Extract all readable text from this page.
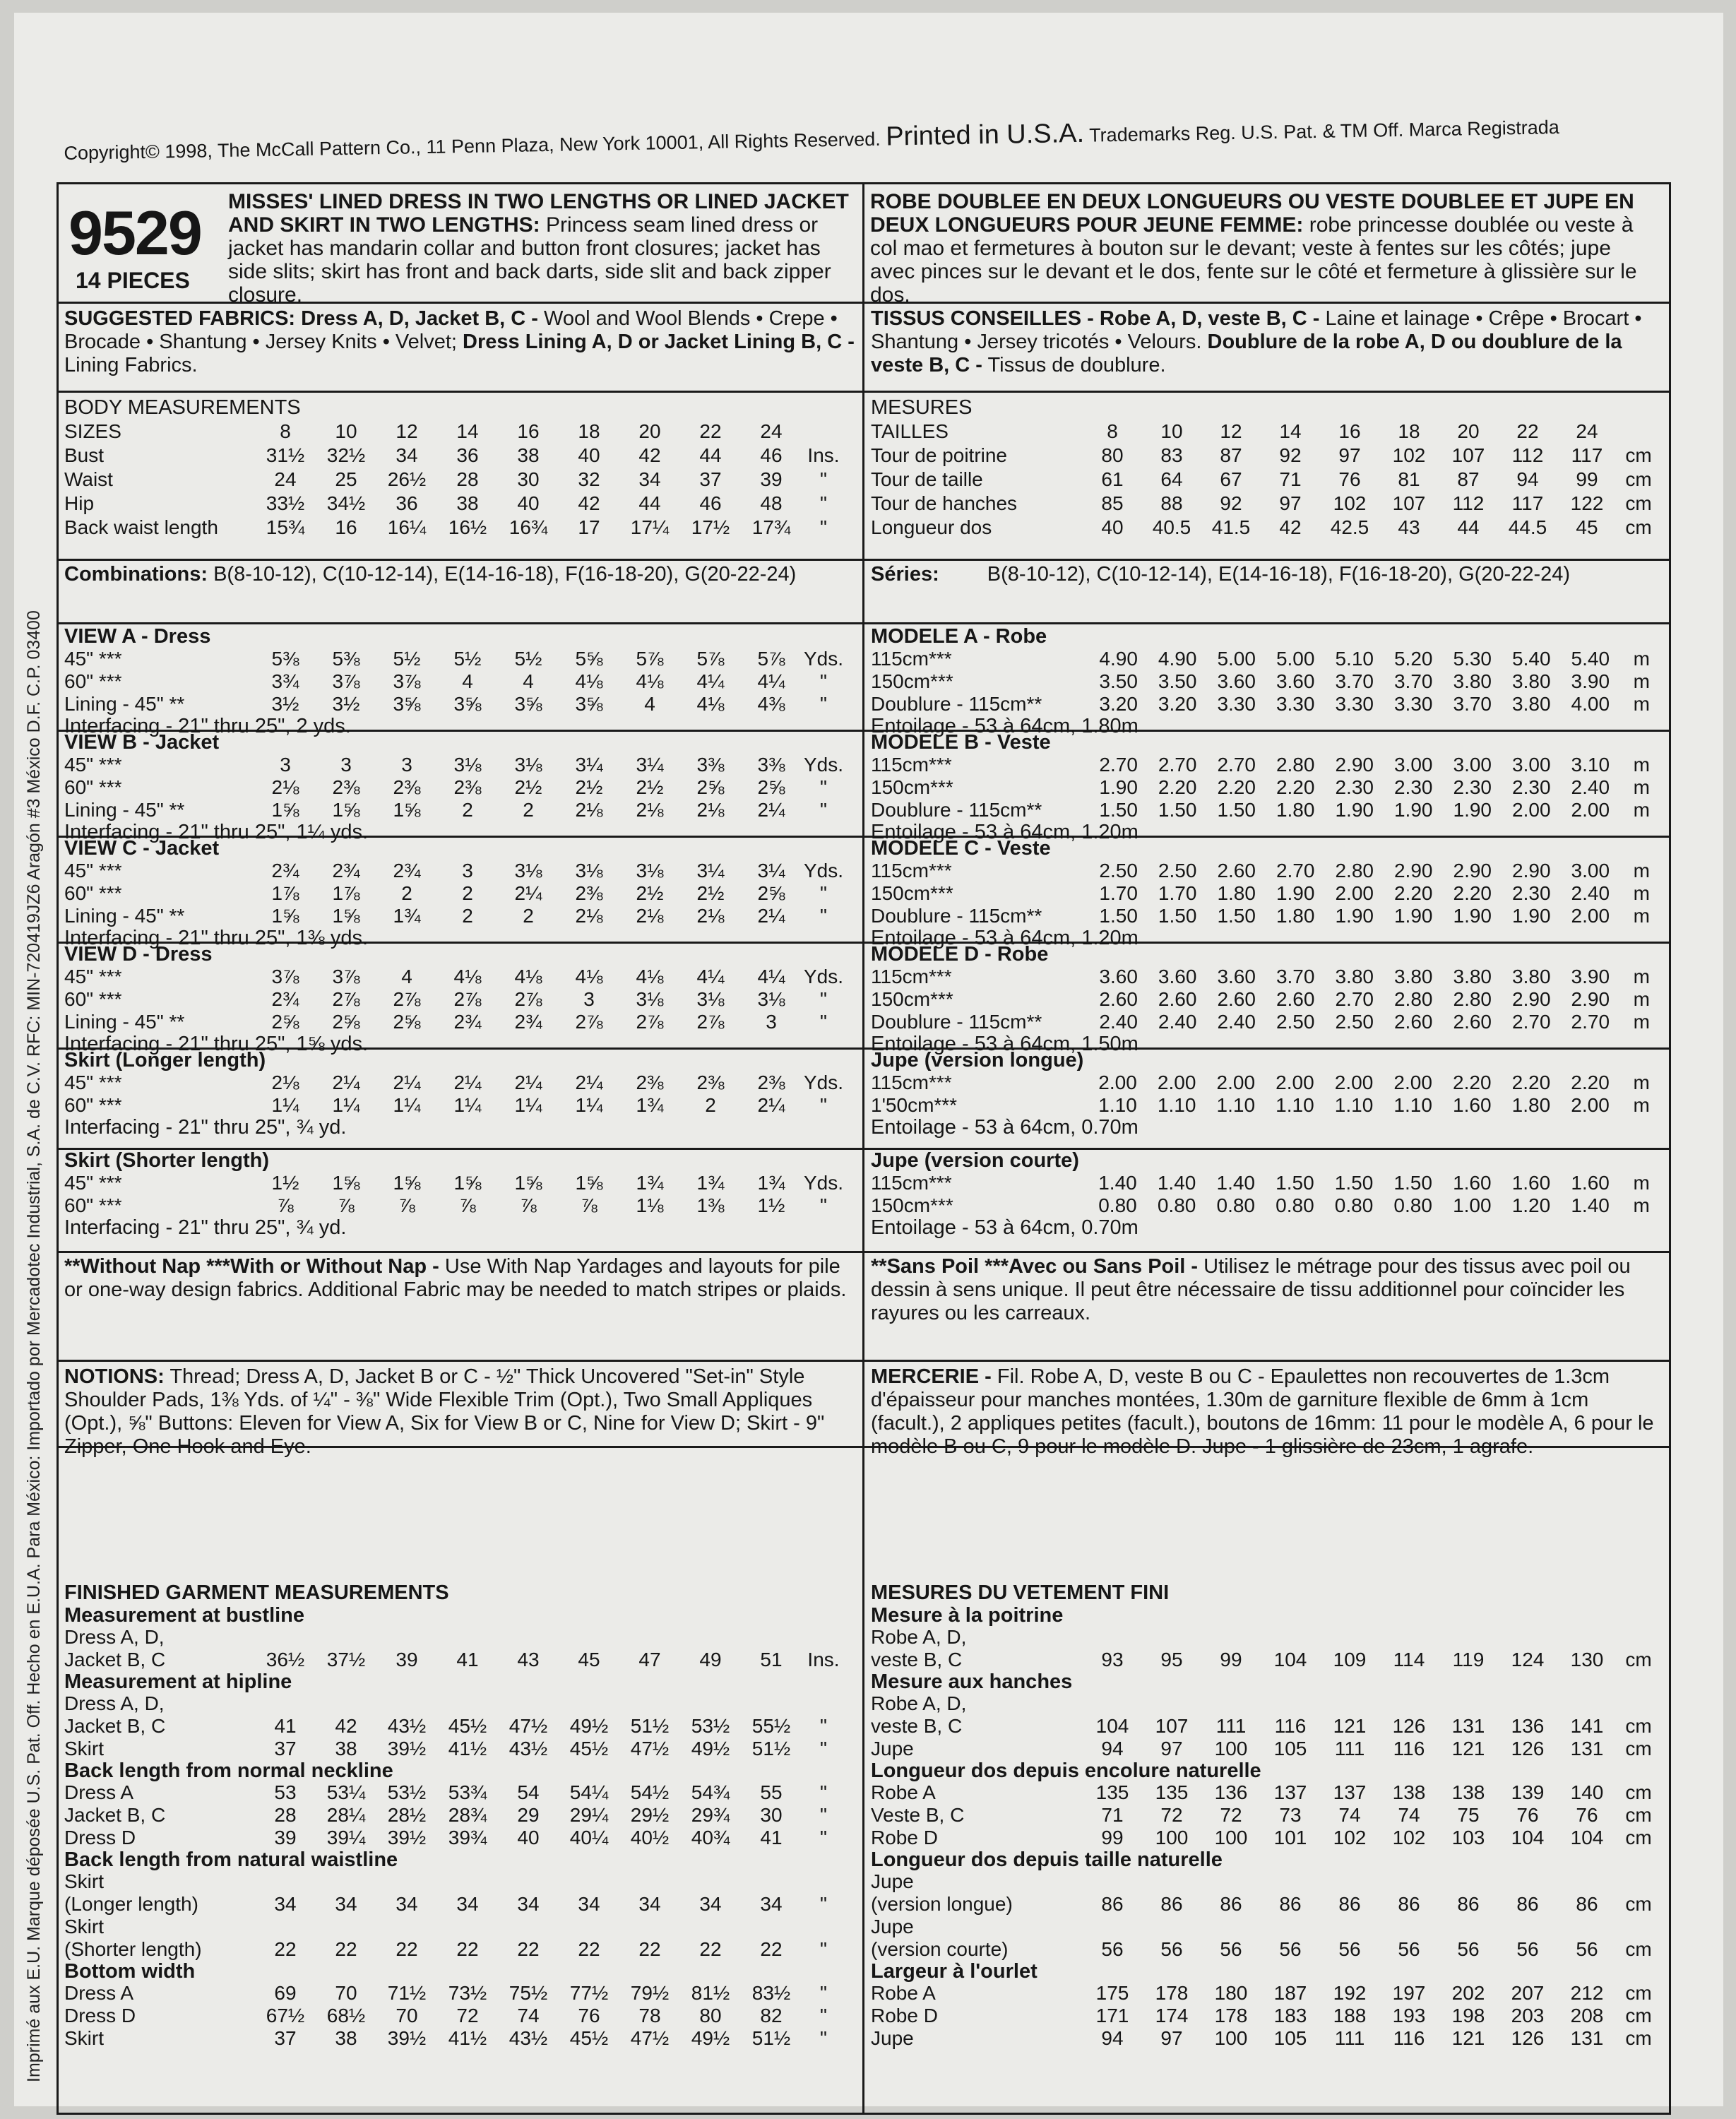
Imprimé aux E.U. Marque déposée U.S. Pat. Off. Hecho en E.U.A. Para México: Importado por Mercadotec Industrial, S.A. de C.V. RFC: MIN-720419JZ6 Aragón #3 México D.F. C.P. 03400
Copyright© 1998, The McCall Pattern Co., 11 Penn Plaza, New York 10001, All Rights Reserved. Printed in U.S.A. Trademarks Reg. U.S. Pat. & TM Off. Marca Registrada
9529
14 PIECES
MISSES' LINED DRESS IN TWO LENGTHS OR LINED JACKET AND SKIRT IN TWO LENGTHS: Princess seam lined dress or jacket has mandarin collar and button front closures; jacket has side slits; skirt has front and back darts, side slit and back zipper closure.
ROBE DOUBLEE EN DEUX LONGUEURS OU VESTE DOUBLEE ET JUPE EN DEUX LONGUEURS POUR JEUNE FEMME: robe princesse doublée ou veste à col mao et fermetures à bouton sur le devant; veste à fentes sur les côtés; jupe avec pinces sur le devant et le dos, fente sur le côté et fermeture à glissière sur le dos.
SUGGESTED FABRICS: Dress A, D, Jacket B, C - Wool and Wool Blends • Crepe • Brocade • Shantung • Jersey Knits • Velvet; Dress Lining A, D or Jacket Lining B, C - Lining Fabrics.
TISSUS CONSEILLES - Robe A, D, veste B, C - Laine et lainage • Crêpe • Brocart • Shantung • Jersey tricotés • Velours. Doublure de la robe A, D ou doublure de la veste B, C - Tissus de doublure.
BODY MEASUREMENTS
SIZES	8	10	12	14	16	18	20	22	24	
Bust	31½	32½	34	36	38	40	42	44	46	Ins.
Waist	24	25	26½	28	30	32	34	37	39	"
Hip	33½	34½	36	38	40	42	44	46	48	"
Back waist length	15¾	16	16¼	16½	16¾	17	17¼	17½	17¾	"
MESURES
TAILLES	8	10	12	14	16	18	20	22	24	
Tour de poitrine	80	83	87	92	97	102	107	112	117	cm
Tour de taille	61	64	67	71	76	81	87	94	99	cm
Tour de hanches	85	88	92	97	102	107	112	117	122	cm
Longueur dos	40	40.5	41.5	42	42.5	43	44	44.5	45	cm
Combinations: B(8-10-12), C(10-12-14), E(14-16-18), F(16-18-20), G(20-22-24)	Séries: B(8-10-12), C(10-12-14), E(14-16-18), F(16-18-20), G(20-22-24)
VIEW A - Dress
45" ***	5⅜	5⅜	5½	5½	5½	5⅝	5⅞	5⅞	5⅞	Yds.
60" ***	3¾	3⅞	3⅞	4	4	4⅛	4⅛	4¼	4¼	"
Lining - 45" **	3½	3½	3⅝	3⅝	3⅝	3⅝	4	4⅛	4⅜	"
Interfacing - 21" thru 25", 2 yds.
VIEW B - Jacket
45" ***	3	3	3	3⅛	3⅛	3¼	3¼	3⅜	3⅜	Yds.
60" ***	2⅛	2⅜	2⅜	2⅜	2½	2½	2½	2⅝	2⅝	"
Lining - 45" **	1⅝	1⅝	1⅝	2	2	2⅛	2⅛	2⅛	2¼	"
Interfacing - 21" thru 25", 1¼ yds.
VIEW C - Jacket
45" ***	2¾	2¾	2¾	3	3⅛	3⅛	3⅛	3¼	3¼	Yds.
60" ***	1⅞	1⅞	2	2	2¼	2⅜	2½	2½	2⅝	"
Lining - 45" **	1⅝	1⅝	1¾	2	2	2⅛	2⅛	2⅛	2¼	"
Interfacing - 21" thru 25", 1⅜ yds.
VIEW D - Dress
45" ***	3⅞	3⅞	4	4⅛	4⅛	4⅛	4⅛	4¼	4¼	Yds.
60" ***	2¾	2⅞	2⅞	2⅞	2⅞	3	3⅛	3⅛	3⅛	"
Lining - 45" **	2⅝	2⅝	2⅝	2¾	2¾	2⅞	2⅞	2⅞	3	"
Interfacing - 21" thru 25", 1⅝ yds.
Skirt (Longer length)
45" ***	2⅛	2¼	2¼	2¼	2¼	2¼	2⅜	2⅜	2⅜	Yds.
60" ***	1¼	1¼	1¼	1¼	1¼	1¼	1¾	2	2¼	"
Interfacing - 21" thru 25", ¾ yd.
Skirt (Shorter length)
45" ***	1½	1⅝	1⅝	1⅝	1⅝	1⅝	1¾	1¾	1¾	Yds.
60" ***	⅞	⅞	⅞	⅞	⅞	⅞	1⅛	1⅜	1½	"
Interfacing - 21" thru 25", ¾ yd.
MODELE A - Robe
115cm***	4.90	4.90	5.00	5.00	5.10	5.20	5.30	5.40	5.40	m
150cm***	3.50	3.50	3.60	3.60	3.70	3.70	3.80	3.80	3.90	m
Doublure - 115cm**	3.20	3.20	3.30	3.30	3.30	3.30	3.70	3.80	4.00	m
Entoilage - 53 à 64cm, 1.80m
MODELE B - Veste
115cm***	2.70	2.70	2.70	2.80	2.90	3.00	3.00	3.00	3.10	m
150cm***	1.90	2.20	2.20	2.20	2.30	2.30	2.30	2.30	2.40	m
Doublure - 115cm**	1.50	1.50	1.50	1.80	1.90	1.90	1.90	2.00	2.00	m
Entoilage - 53 à 64cm, 1.20m
MODELE C - Veste
115cm***	2.50	2.50	2.60	2.70	2.80	2.90	2.90	2.90	3.00	m
150cm***	1.70	1.70	1.80	1.90	2.00	2.20	2.20	2.30	2.40	m
Doublure - 115cm**	1.50	1.50	1.50	1.80	1.90	1.90	1.90	1.90	2.00	m
Entoilage - 53 à 64cm, 1.20m
MODELE D - Robe
115cm***	3.60	3.60	3.60	3.70	3.80	3.80	3.80	3.80	3.90	m
150cm***	2.60	2.60	2.60	2.60	2.70	2.80	2.80	2.90	2.90	m
Doublure - 115cm**	2.40	2.40	2.40	2.50	2.50	2.60	2.60	2.70	2.70	m
Entoilage - 53 à 64cm, 1.50m
Jupe (version longue)
115cm***	2.00	2.00	2.00	2.00	2.00	2.00	2.20	2.20	2.20	m
1'50cm***	1.10	1.10	1.10	1.10	1.10	1.10	1.60	1.80	2.00	m
Entoilage - 53 à 64cm, 0.70m
Jupe (version courte)
115cm***	1.40	1.40	1.40	1.50	1.50	1.50	1.60	1.60	1.60	m
150cm***	0.80	0.80	0.80	0.80	0.80	0.80	1.00	1.20	1.40	m
Entoilage - 53 à 64cm, 0.70m
**Without Nap ***With or Without Nap - Use With Nap Yardages and layouts for pile or one-way design fabrics. Additional Fabric may be needed to match stripes or plaids.
**Sans Poil ***Avec ou Sans Poil - Utilisez le métrage pour des tissus avec poil ou dessin à sens unique. Il peut être nécessaire de tissu additionnel pour coïncider les rayures ou les carreaux.
NOTIONS: Thread; Dress A, D, Jacket B or C - ½" Thick Uncovered "Set-in" Style Shoulder Pads, 1⅜ Yds. of ¼" - ⅜" Wide Flexible Trim (Opt.), Two Small Appliques (Opt.), ⅝" Buttons: Eleven for View A, Six for View B or C, Nine for View D; Skirt - 9" Zipper, One Hook and Eye.
MERCERIE - Fil. Robe A, D, veste B ou C - Epaulettes non recouvertes de 1.3cm d'épaisseur pour manches montées, 1.30m de garniture flexible de 6mm à 1cm (facult.), 2 appliques petites (facult.), boutons de 16mm: 11 pour le modèle A, 6 pour le modèle B ou C, 9 pour le modèle D. Jupe - 1 glissière de 23cm, 1 agrafe.
FINISHED GARMENT MEASUREMENTS
Measurement at bustline
Dress A, D,										
Jacket B, C	36½	37½	39	41	43	45	47	49	51	Ins.
Measurement at hipline
Dress A, D,										
Jacket B, C	41	42	43½	45½	47½	49½	51½	53½	55½	"
Skirt	37	38	39½	41½	43½	45½	47½	49½	51½	"
Back length from normal neckline
Dress A	53	53¼	53½	53¾	54	54¼	54½	54¾	55	"
Jacket B, C	28	28¼	28½	28¾	29	29¼	29½	29¾	30	"
Dress D	39	39¼	39½	39¾	40	40¼	40½	40¾	41	"
Back length from natural waistline
Skirt										
(Longer length)	34	34	34	34	34	34	34	34	34	"
Skirt										
(Shorter length)	22	22	22	22	22	22	22	22	22	"
Bottom width
Dress A	69	70	71½	73½	75½	77½	79½	81½	83½	"
Dress D	67½	68½	70	72	74	76	78	80	82	"
Skirt	37	38	39½	41½	43½	45½	47½	49½	51½	"
MESURES DU VETEMENT FINI
Mesure à la poitrine
Robe A, D,										
veste B, C	93	95	99	104	109	114	119	124	130	cm
Mesure aux hanches
Robe A, D,										
veste B, C	104	107	111	116	121	126	131	136	141	cm
Jupe	94	97	100	105	111	116	121	126	131	cm
Longueur dos depuis encolure naturelle
Robe A	135	135	136	137	137	138	138	139	140	cm
Veste B, C	71	72	72	73	74	74	75	76	76	cm
Robe D	99	100	100	101	102	102	103	104	104	cm
Longueur dos depuis taille naturelle
Jupe										
(version longue)	86	86	86	86	86	86	86	86	86	cm
Jupe										
(version courte)	56	56	56	56	56	56	56	56	56	cm
Largeur à l'ourlet
Robe A	175	178	180	187	192	197	202	207	212	cm
Robe D	171	174	178	183	188	193	198	203	208	cm
Jupe	94	97	100	105	111	116	121	126	131	cm
